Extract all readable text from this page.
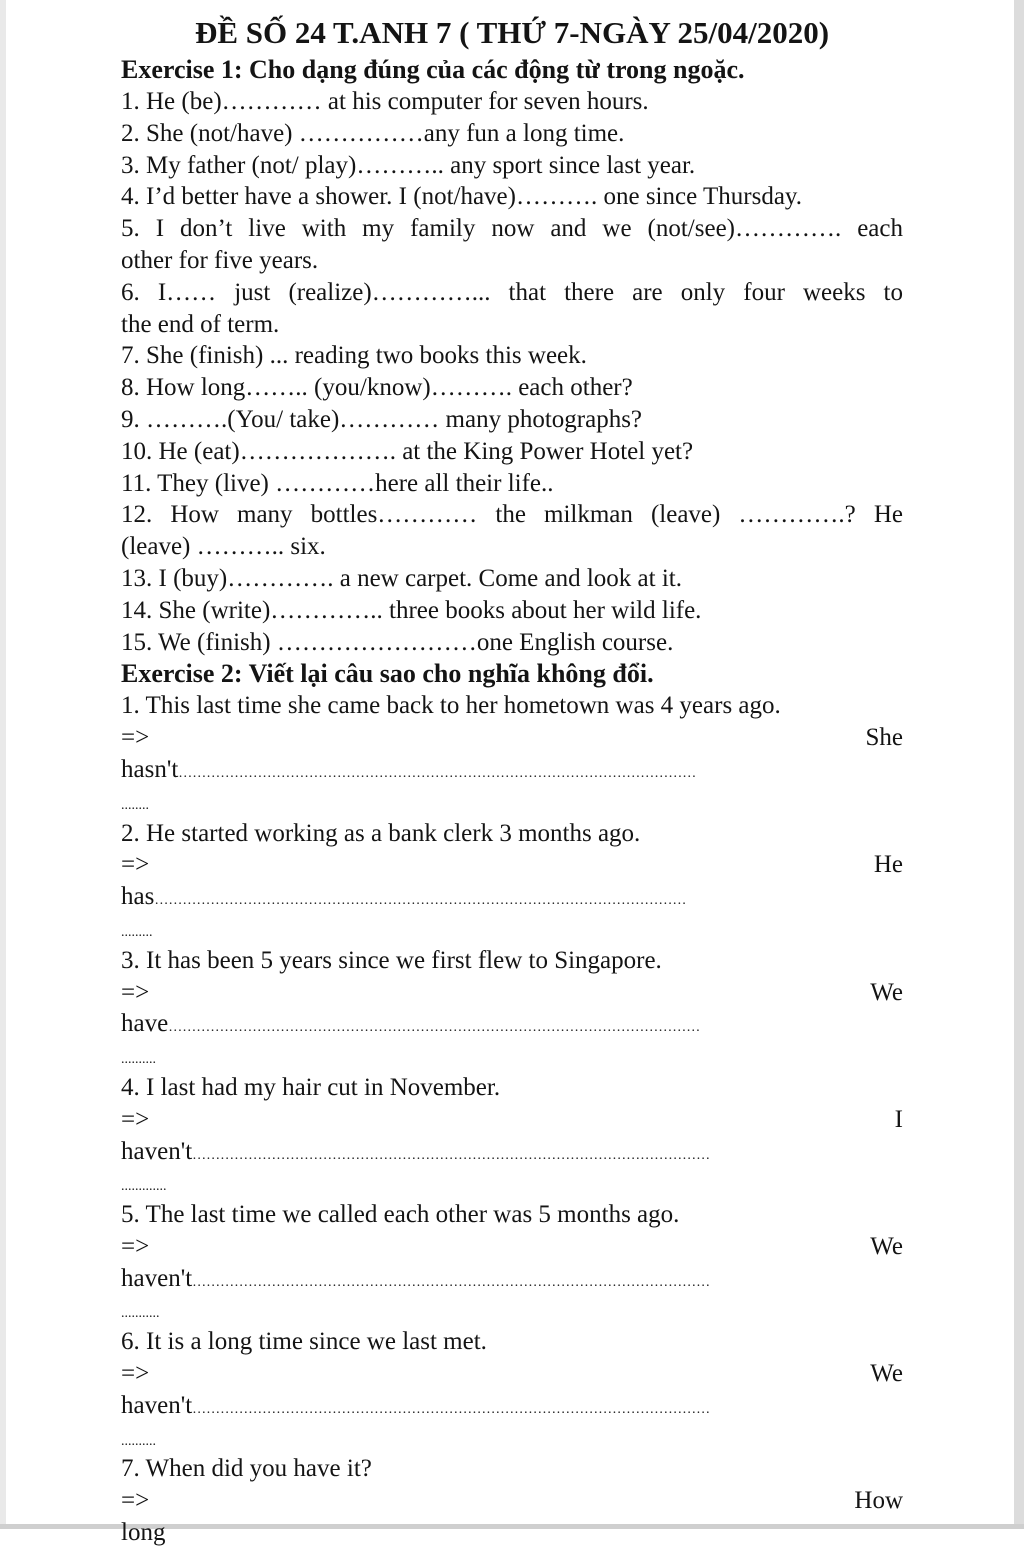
ĐỀ SỐ 24 T.ANH 7 ( THỨ 7-NGÀY 25/04/2020)
Exercise 1: Cho dạng đúng của các động từ trong ngoặc.
1. He (be)………… at his computer for seven hours.
2. She (not/have) ……………any fun a long time.
3. My father (not/ play)……….. any sport since last year.
4. I’d better have a shower. I (not/have)………. one since Thursday.
5. I don’t live with my family now and we (not/see)…………. each
other for five years.
6. I…… just (realize)…………... that there are only four weeks to
the end of term.
7. She (finish) ... reading two books this week.
8. How long…….. (you/know)………. each other?
9. ……….(You/ take)………… many photographs?
10. He (eat)………………. at the King Power Hotel yet?
11. They (live) …………here all their life..
12. How many bottles………… the milkman (leave) ………….? He
(leave) ……….. six.
13. I (buy)…………. a new carpet. Come and look at it.
14. She (write)………….. three books about her wild life.
15. We (finish) ……………………one English course.
Exercise 2: Viết lại câu sao cho nghĩa không đổi.
1. This last time she came back to her hometown was 4 years ago.
=>	She
hasn't…………………………………………………………………………………………………
........
2. He started working as a bank clerk 3 months ago.
=>	He
has……………………………………………………………………………………………………
.........
3. It has been 5 years since we first flew to Singapore.
=>	We
have……………………………………………………………………………………………………
..........
4. I last had my hair cut in November.
=>	I
haven't…………………………………………………………………………………………………
.............
5. The last time we called each other was 5 months ago.
=>	We
haven't…………………………………………………………………………………………………
...........
6. It is a long time since we last met.
=>	We
haven't…………………………………………………………………………………………………
..........
7. When did you have it?
=>	How
long
